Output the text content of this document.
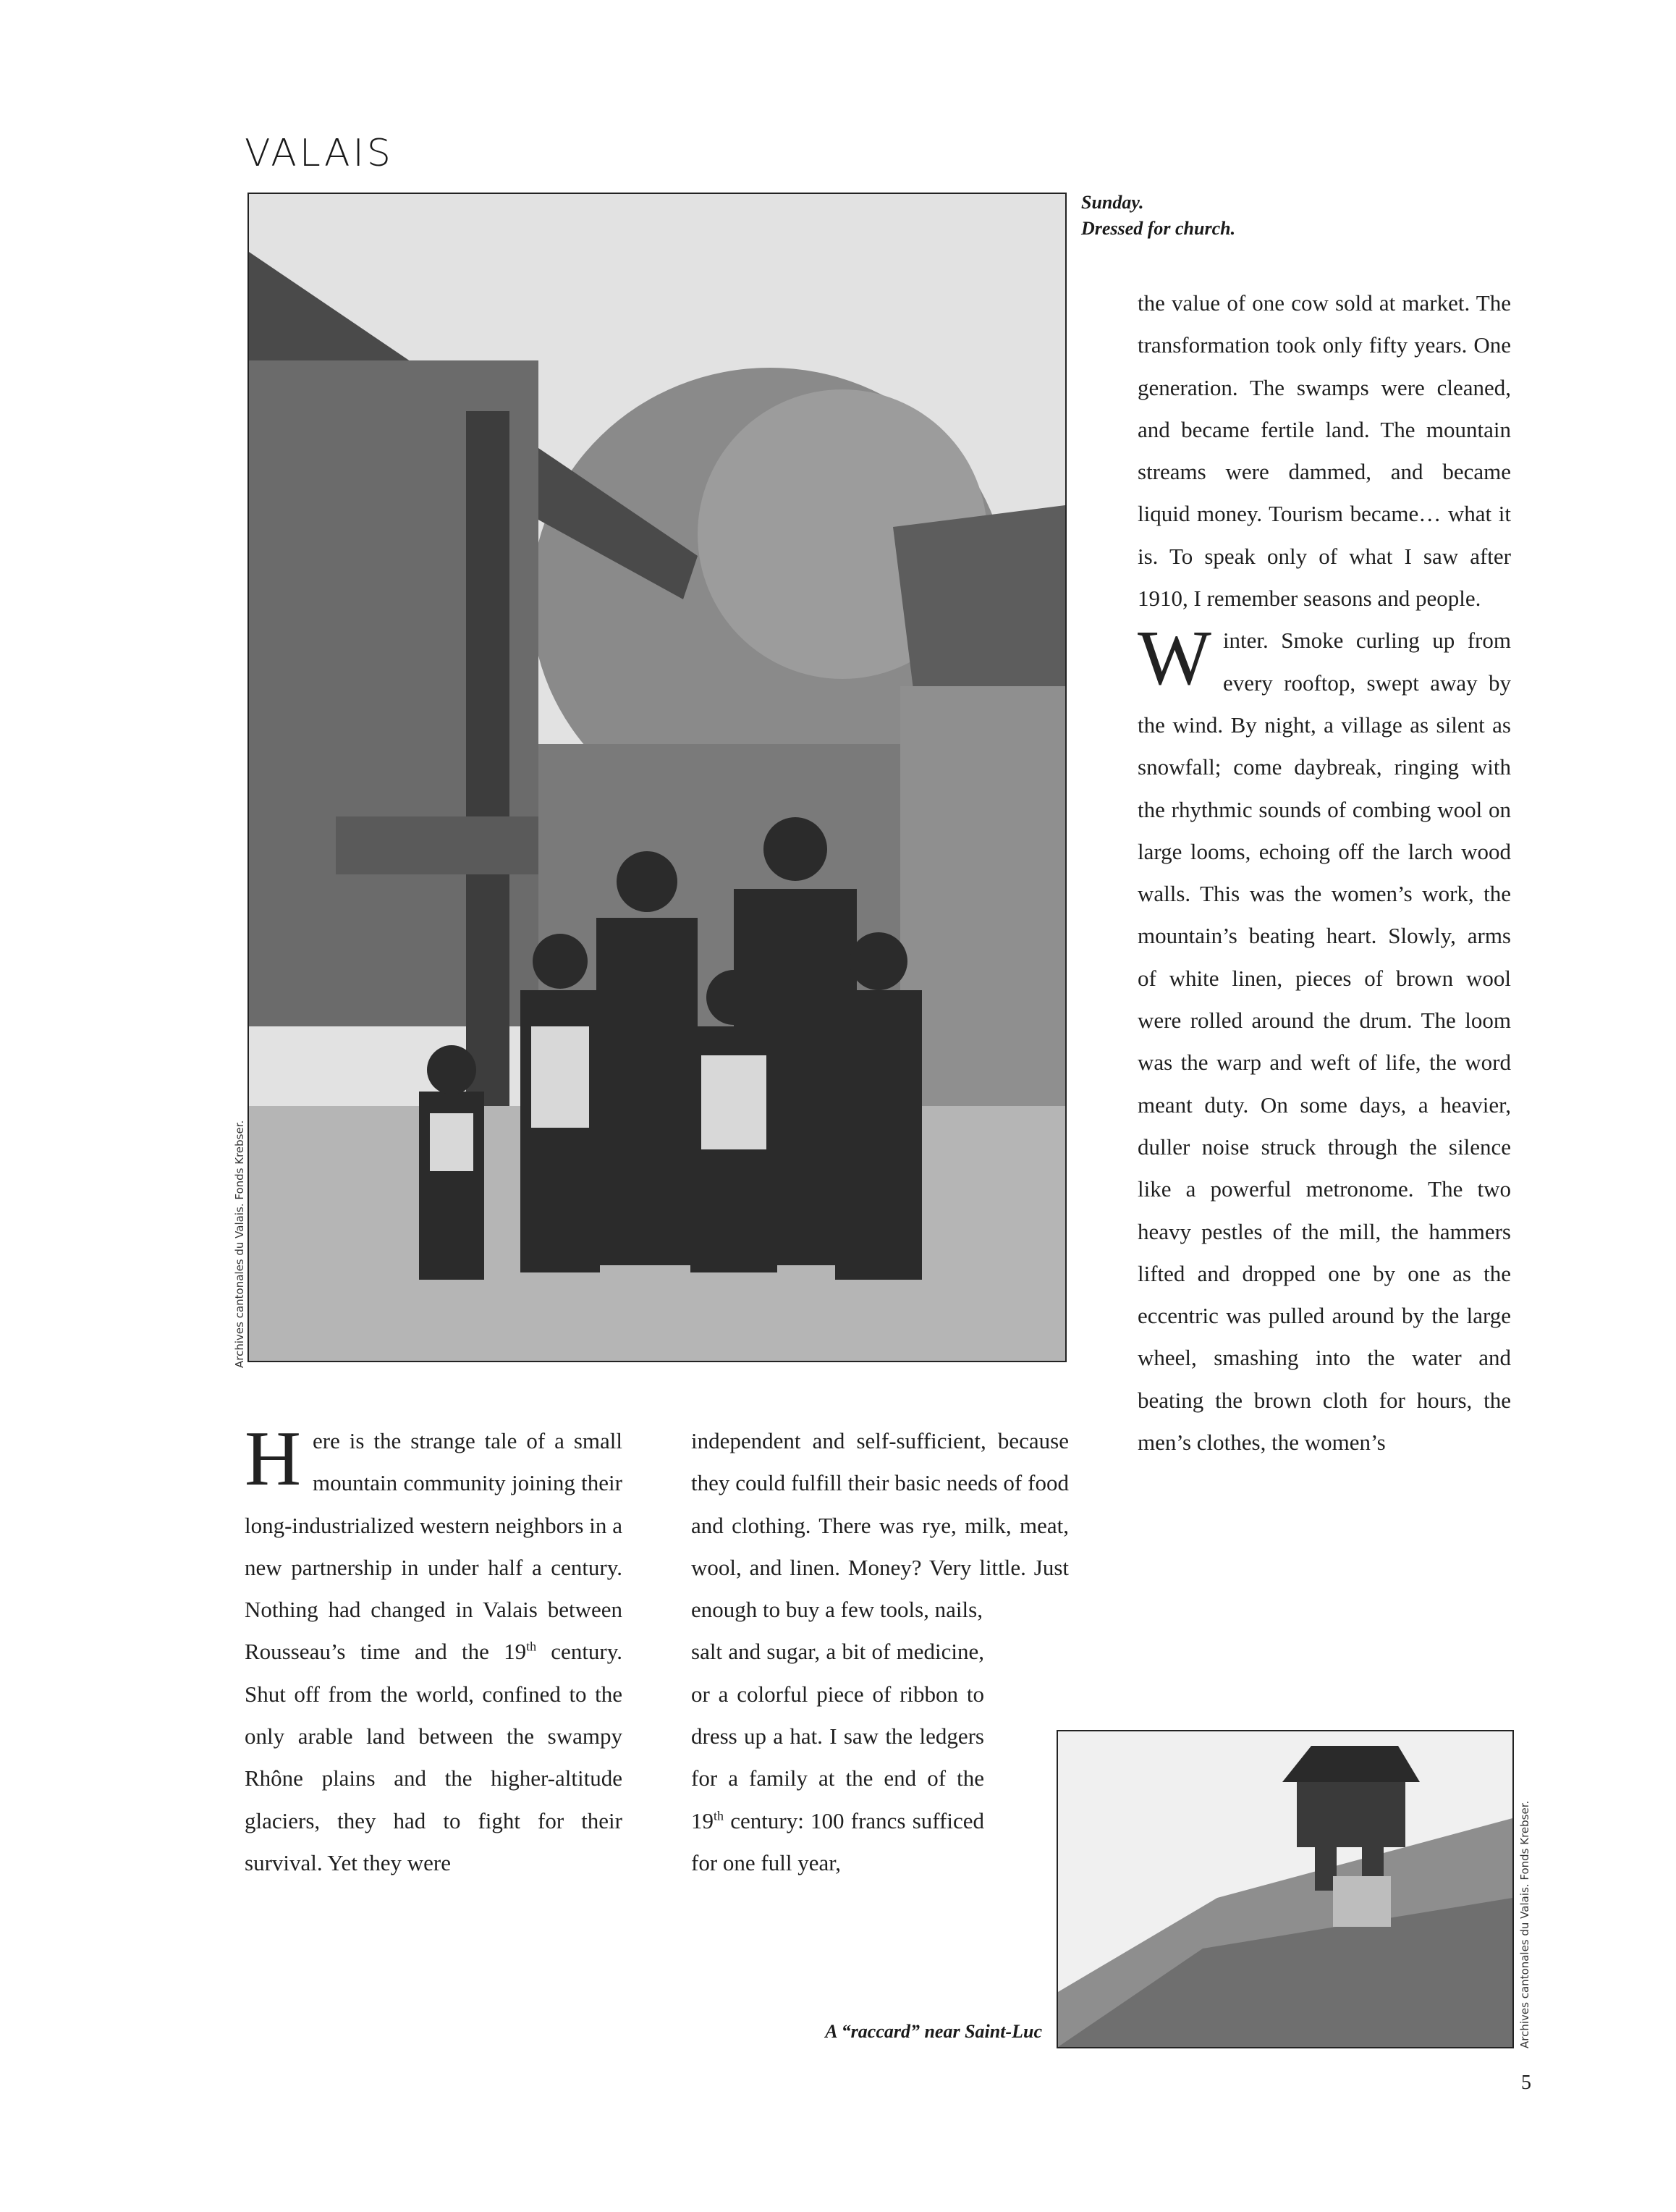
VALAIS
Archives cantonales du Valais. Fonds Krebser.
Sunday.
Dressed for church.

the value of one cow sold at market. The transformation took only fifty years. One generation. The swamps were cleaned, and became fertile land. The mountain streams were dammed, and became liquid money. Tourism became… what it is. To speak only of what I saw after 1910, I remember seasons and people.

Winter. Smoke curling up from every rooftop, swept away by the wind. By night, a village as silent as snowfall; come daybreak, ringing with the rhythmic sounds of combing wool on large looms, echoing off the larch wood walls. This was the women’s work, the mountain’s beating heart. Slowly, arms of white linen, pieces of brown wool were rolled around the drum. The loom was the warp and weft of life, the word meant duty. On some days, a heavier, duller noise struck through the silence like a powerful metronome. The two heavy pestles of the mill, the hammers lifted and dropped one by one as the eccentric was pulled around by the large wheel, smashing into the water and beating the brown cloth for hours, the men’s clothes, the women’s

Here is the strange tale of a small mountain community joining their long-industrialized western neighbors in a new partnership in under half a century. Nothing had changed in Valais between Rousseau’s time and the 19th century. Shut off from the world, confined to the only arable land between the swampy Rhône plains and the higher-altitude glaciers, they had to fight for their survival. Yet they were

independent and self-sufficient, because they could fulfill their basic needs of food and clothing. There was rye, milk, meat, wool, and linen. Money? Very little. Just enough to buy a few tools, nails,

salt and sugar, a bit of medicine, or a colorful piece of ribbon to dress up a hat. I saw the ledgers for a family at the end of the 19th century: 100 francs sufficed for one full year,	Archives cantonales du Valais. Fonds Krebser.
A “raccard” near Saint-Luc
5
